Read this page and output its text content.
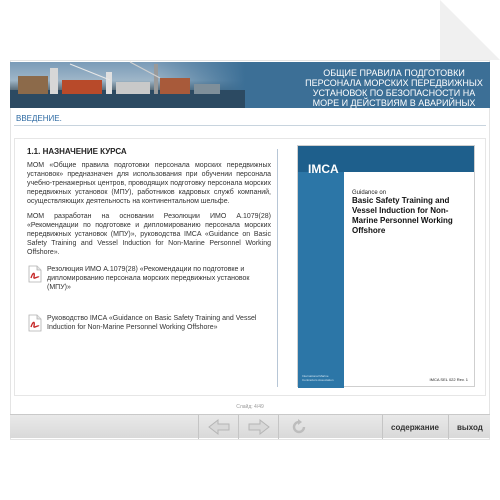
ОБЩИЕ ПРАВИЛА ПОДГОТОВКИ ПЕРСОНАЛА МОРСКИХ ПЕРЕДВИЖНЫХ УСТАНОВОК ПО БЕЗОПАСНОСТИ НА МОРЕ И ДЕЙСТВИЯМ В АВАРИЙНЫХ СИТУАЦИЯХ.
ВВЕДЕНИЕ.
1.1. НАЗНАЧЕНИЕ КУРСА

МОМ «Общие правила подготовки персонала морских передвижных установок» предназначен для использования при обучении персонала учебно-тренажерных центров, проводящих подготовку персонала морских передвижных установок (МПУ), работников кадровых служб компаний, осуществляющих деятельность на континентальном шельфе.

МОМ разработан на основании Резолюции ИМО А.1079(28) «Рекомендации по подготовке и дипломированию персонала морских передвижных установок (МПУ)», руководства IMCA «Guidance on Basic Safety Training and Vessel Induction for Non-Marine Personnel Working Offshore».

Резолюция ИМО А.1079(28) «Рекомендации по подготовке и дипломированию персонала морских передвижных установок (МПУ)»
Руководство IMCA «Guidance on Basic Safety Training and Vessel Induction for Non-Marine Personnel Working Offshore»
IMCA
Guidance on
Basic Safety Training and Vessel Induction for Non-Marine Personnel Working Offshore
International Marine Contractors Association	IMCA SEL 022 Rev. 1
Слайд: 4/49
содержание	выход
